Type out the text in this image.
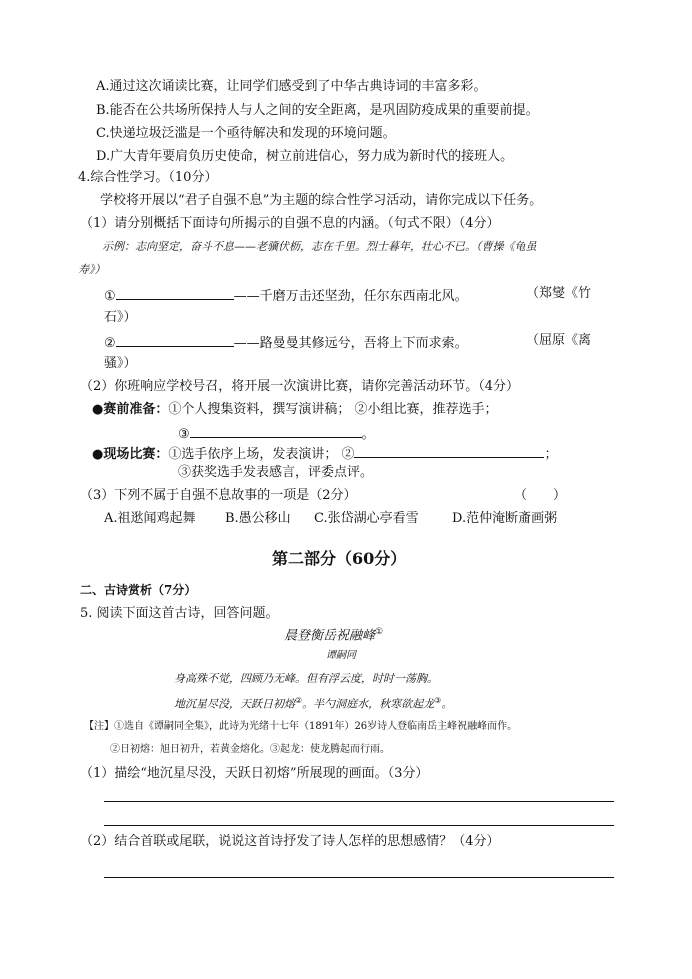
A.通过这次诵读比赛，让同学们感受到了中华古典诗词的丰富多彩。
B.能否在公共场所保持人与人之间的安全距离，是巩固防疫成果的重要前提。
C.快递垃圾泛滥是一个亟待解决和发现的环境问题。
D.广大青年要肩负历史使命，树立前进信心，努力成为新时代的接班人。
4.综合性学习。（10分）
学校将开展以“君子自强不息”为主题的综合性学习活动，请你完成以下任务。
（1）请分别概括下面诗句所揭示的自强不息的内涵。（句式不限）（4分）
示例：志向坚定，奋斗不息——老骥伏枥，志在千里。烈士暮年，壮心不已。（曹操《龟虽
寿》）
①	——千磨万击还坚劲，任尔东西南北风。	（郑燮《竹
石》）
②	——路曼曼其修远兮，吾将上下而求索。	（屈原《离
骚》）
（2）你班响应学校号召，将开展一次演讲比赛，请你完善活动环节。（4分）
●赛前准备：①个人搜集资料，撰写演讲稿； ②小组比赛，推荐选手；
③	。
●现场比赛：①选手依序上场，发表演讲； ②	；
③获奖选手发表感言，评委点评。
（3）下列不属于自强不息故事的一项是（2分）	（　　）
A.祖逖闻鸡起舞 B.愚公移山 C.张岱湖心亭看雪	D.范仲淹断齑画粥
第二部分（60分）
二、古诗赏析（7分）
5. 阅读下面这首古诗，回答问题。
晨登衡岳祝融峰①
谭嗣同
身高殊不觉，四顾乃无峰。但有浮云度，时时一荡胸。
地沉星尽没，天跃日初熔②。半勺洞庭水，秋寒欲起龙③。
【注】①选自《谭嗣同全集》，此诗为光绪十七年（1891年）26岁诗人登临南岳主峰祝融峰而作。
②日初熔：旭日初升，若黄金熔化。③起龙：使龙腾起而行雨。
（1）描绘“地沉星尽没，天跃日初熔”所展现的画面。（3分）
（2）结合首联或尾联，说说这首诗抒发了诗人怎样的思想感情？（4分）
